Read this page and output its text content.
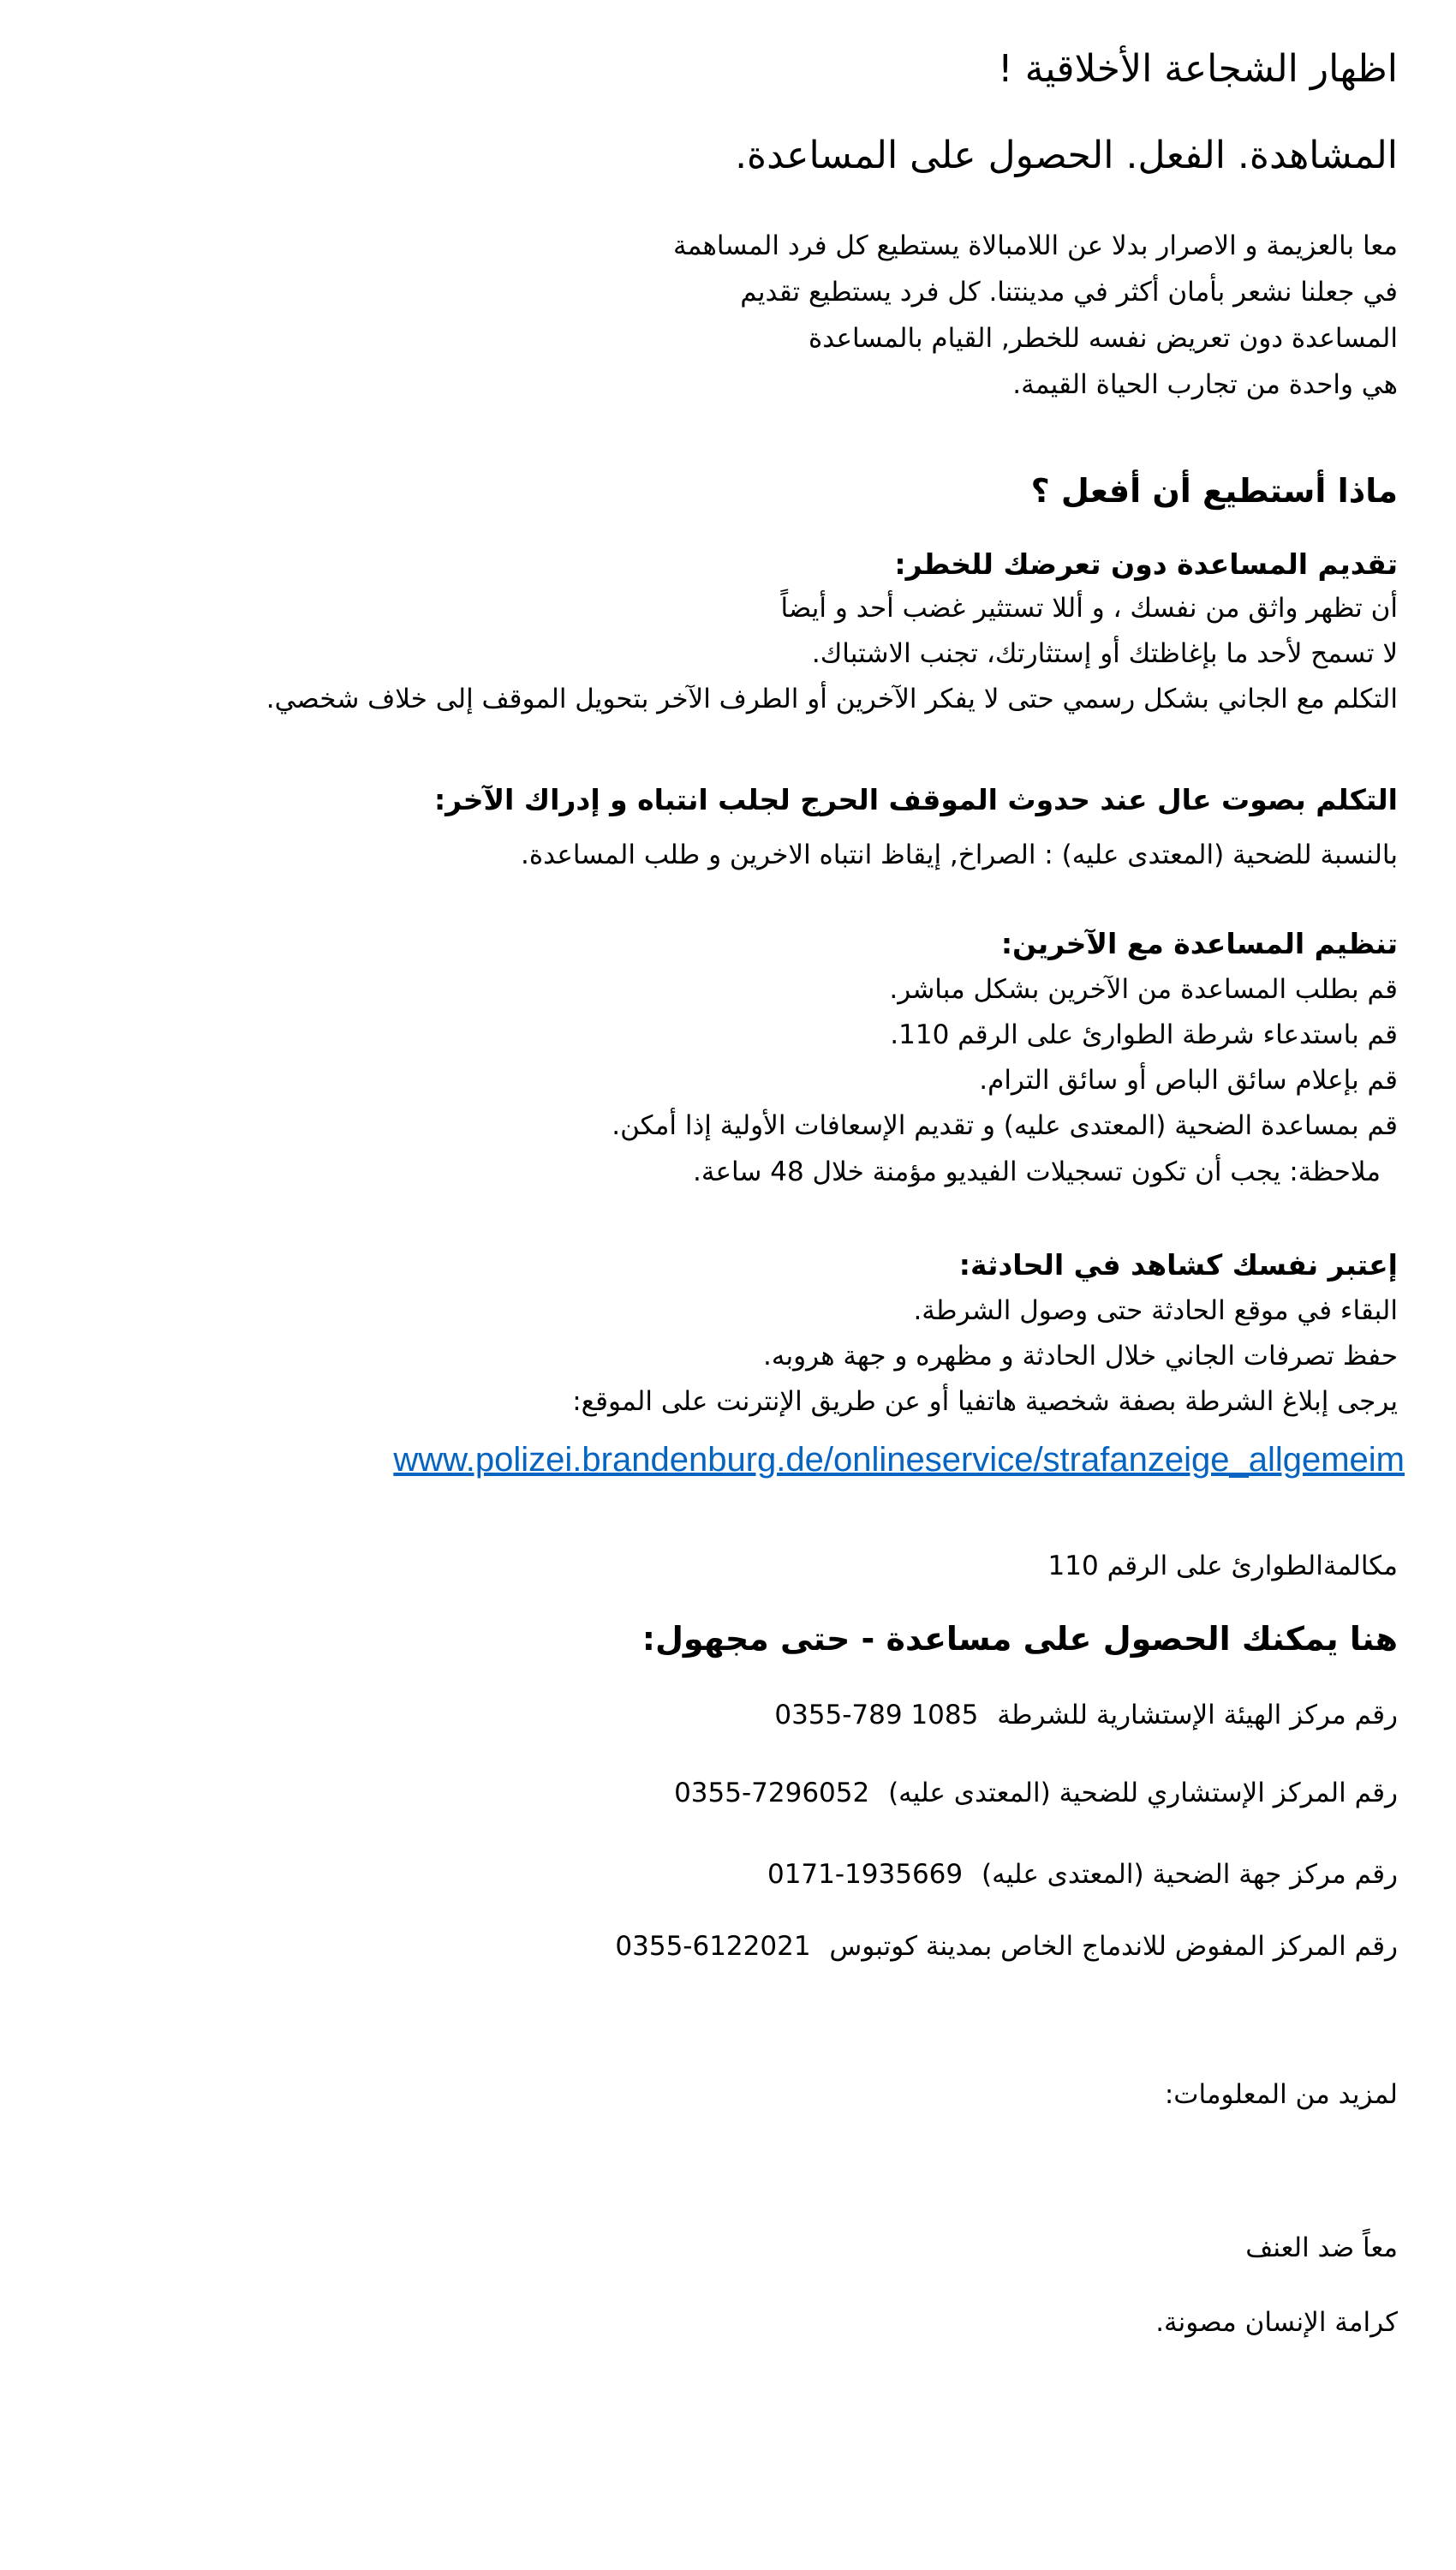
اظهار الشجاعة الأخلاقية !
المشاهدة. الفعل. الحصول على المساعدة.
معا بالعزيمة و الاصرار بدلا عن اللامبالاة يستطيع كل فرد المساهمة
في جعلنا نشعر بأمان أكثر في مدينتنا. كل فرد يستطيع تقديم
المساعدة دون تعريض نفسه للخطر, القيام بالمساعدة
هي واحدة من تجارب الحياة القيمة.
ماذا أستطيع أن أفعل ؟
تقديم المساعدة دون تعرضك للخطر:
أن تظهر واثق من نفسك ، و أللا تستثير غضب أحد و أيضاً
لا تسمح لأحد ما بإغاظتك أو إستثارتك، تجنب الاشتباك.
التكلم مع الجاني بشكل رسمي حتى لا يفكر الآخرين أو الطرف الآخر بتحويل الموقف إلى خلاف شخصي.
التكلم بصوت عال عند حدوث الموقف الحرج لجلب انتباه و إدراك الآخر:
بالنسبة للضحية (المعتدى عليه) : الصراخ, إيقاظ انتباه الاخرين و طلب المساعدة.
تنظيم المساعدة مع الآخرين:
قم بطلب المساعدة من الآخرين بشكل مباشر.
قم باستدعاء شرطة الطوارئ على الرقم 110.
قم بإعلام سائق الباص أو سائق الترام.
قم بمساعدة الضحية (المعتدى عليه) و تقديم الإسعافات الأولية إذا أمكن.
ملاحظة: يجب أن تكون تسجيلات الفيديو مؤمنة خلال 48 ساعة.
إعتبر نفسك كشاهد في الحادثة:
البقاء في موقع الحادثة حتى وصول الشرطة.
حفظ تصرفات الجاني خلال الحادثة و مظهره و جهة هروبه.
يرجى إبلاغ الشرطة بصفة شخصية هاتفيا أو عن طريق الإنترنت على الموقع:
www.polizei.brandenburg.de/onlineservice/strafanzeige_allgemeim
مكالمةالطوارئ على الرقم 110
هنا يمكنك الحصول على مساعدة - حتى مجهول:
رقم مركز الهيئة الإستشارية للشرطة 0355-789 1085
رقم المركز الإستشاري للضحية (المعتدى عليه) 0355-7296052
رقم مركز جهة الضحية (المعتدى عليه) 0171-1935669
رقم المركز المفوض للاندماج الخاص بمدينة كوتبوس 0355-6122021
لمزيد من المعلومات:
معاً ضد العنف
كرامة الإنسان مصونة.
